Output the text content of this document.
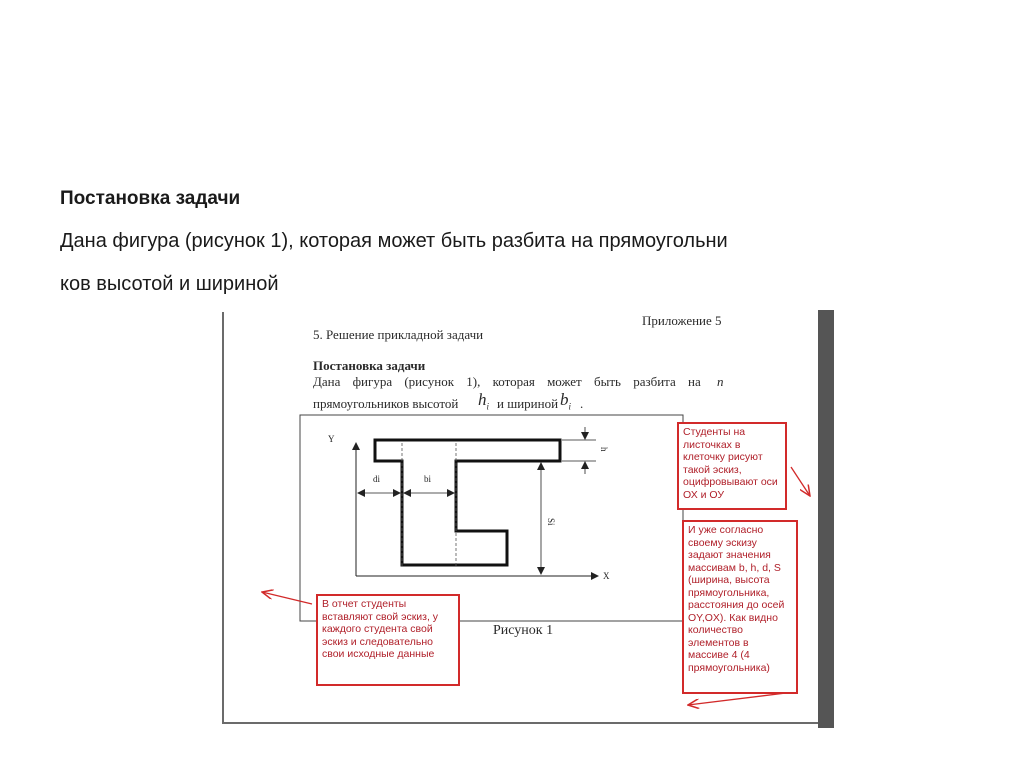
Постановка задачи
Дана фигура (рисунок 1), которая может быть разбита на прямоугольни
ков высотой и шириной
Приложение 5
5. Решение прикладной задачи
Постановка задачи
Дана фигура (рисунок 1), которая может быть разбита на n
прямоугольников высотой $h_i$ и шириной $b_i$ .
Рисунок 1
Y
X
di	bi
Si
h
Студенты на листочках в клеточку рисуют такой эскиз, оцифровывают оси ОХ и ОУ
И уже согласно своему эскизу задают значения массивам b, h, d, S (ширина, высота прямоугольника, расстояния до осей OY,OX). Как видно количество элементов в массиве 4 (4 прямоугольника)
В отчет студенты вставляют свой эскиз, у каждого студента свой эскиз и следовательно свои исходные данные
